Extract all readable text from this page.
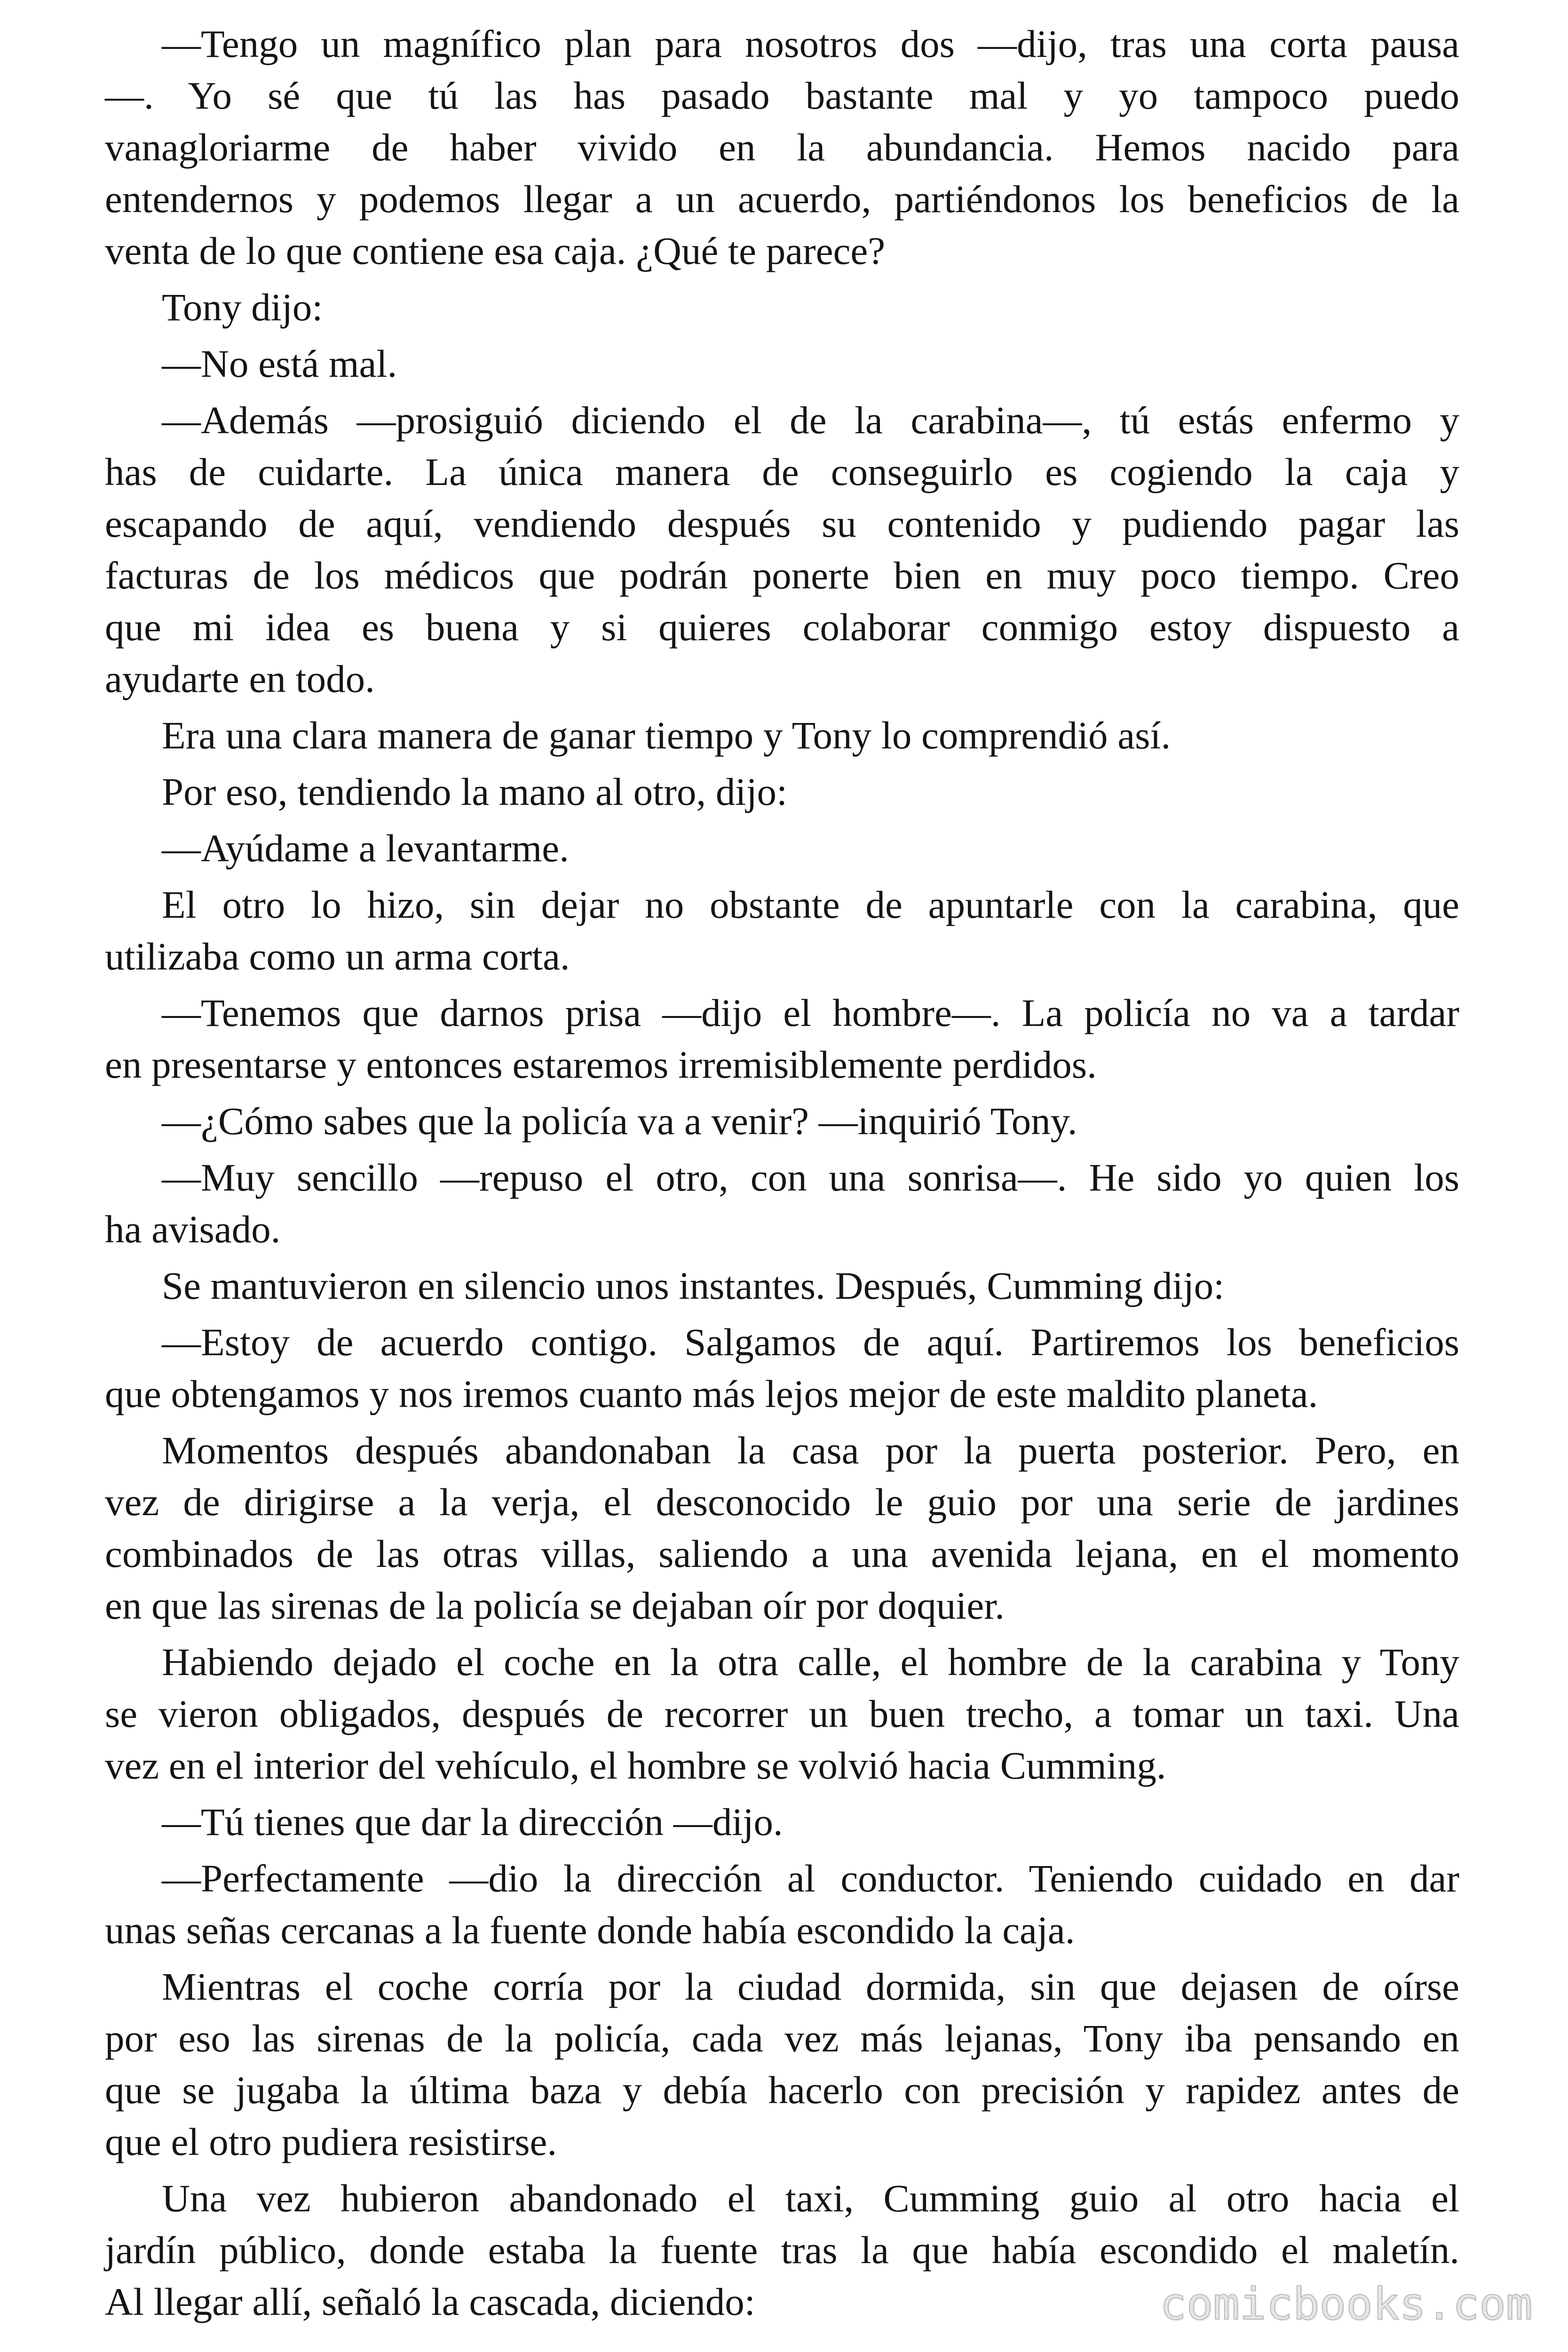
—Tengo un magnífico plan para nosotros dos —dijo, tras una corta pausa
—. Yo sé que tú las has pasado bastante mal y yo tampoco puedo
vanagloriarme de haber vivido en la abundancia. Hemos nacido para
entendernos y podemos llegar a un acuerdo, partiéndonos los beneficios de la
venta de lo que contiene esa caja. ¿Qué te parece?
Tony dijo:
—No está mal.
—Además —prosiguió diciendo el de la carabina—, tú estás enfermo y
has de cuidarte. La única manera de conseguirlo es cogiendo la caja y
escapando de aquí, vendiendo después su contenido y pudiendo pagar las
facturas de los médicos que podrán ponerte bien en muy poco tiempo. Creo
que mi idea es buena y si quieres colaborar conmigo estoy dispuesto a
ayudarte en todo.
Era una clara manera de ganar tiempo y Tony lo comprendió así.
Por eso, tendiendo la mano al otro, dijo:
—Ayúdame a levantarme.
El otro lo hizo, sin dejar no obstante de apuntarle con la carabina, que
utilizaba como un arma corta.
—Tenemos que darnos prisa —dijo el hombre—. La policía no va a tardar
en presentarse y entonces estaremos irremisiblemente perdidos.
—¿Cómo sabes que la policía va a venir? —inquirió Tony.
—Muy sencillo —repuso el otro, con una sonrisa—. He sido yo quien los
ha avisado.
Se mantuvieron en silencio unos instantes. Después, Cumming dijo:
—Estoy de acuerdo contigo. Salgamos de aquí. Partiremos los beneficios
que obtengamos y nos iremos cuanto más lejos mejor de este maldito planeta.
Momentos después abandonaban la casa por la puerta posterior. Pero, en
vez de dirigirse a la verja, el desconocido le guio por una serie de jardines
combinados de las otras villas, saliendo a una avenida lejana, en el momento
en que las sirenas de la policía se dejaban oír por doquier.
Habiendo dejado el coche en la otra calle, el hombre de la carabina y Tony
se vieron obligados, después de recorrer un buen trecho, a tomar un taxi. Una
vez en el interior del vehículo, el hombre se volvió hacia Cumming.
—Tú tienes que dar la dirección —dijo.
—Perfectamente —dio la dirección al conductor. Teniendo cuidado en dar
unas señas cercanas a la fuente donde había escondido la caja.
Mientras el coche corría por la ciudad dormida, sin que dejasen de oírse
por eso las sirenas de la policía, cada vez más lejanas, Tony iba pensando en
que se jugaba la última baza y debía hacerlo con precisión y rapidez antes de
que el otro pudiera resistirse.
Una vez hubieron abandonado el taxi, Cumming guio al otro hacia el
jardín público, donde estaba la fuente tras la que había escondido el maletín.
Al llegar allí, señaló la cascada, diciendo:	comicbooks.com
